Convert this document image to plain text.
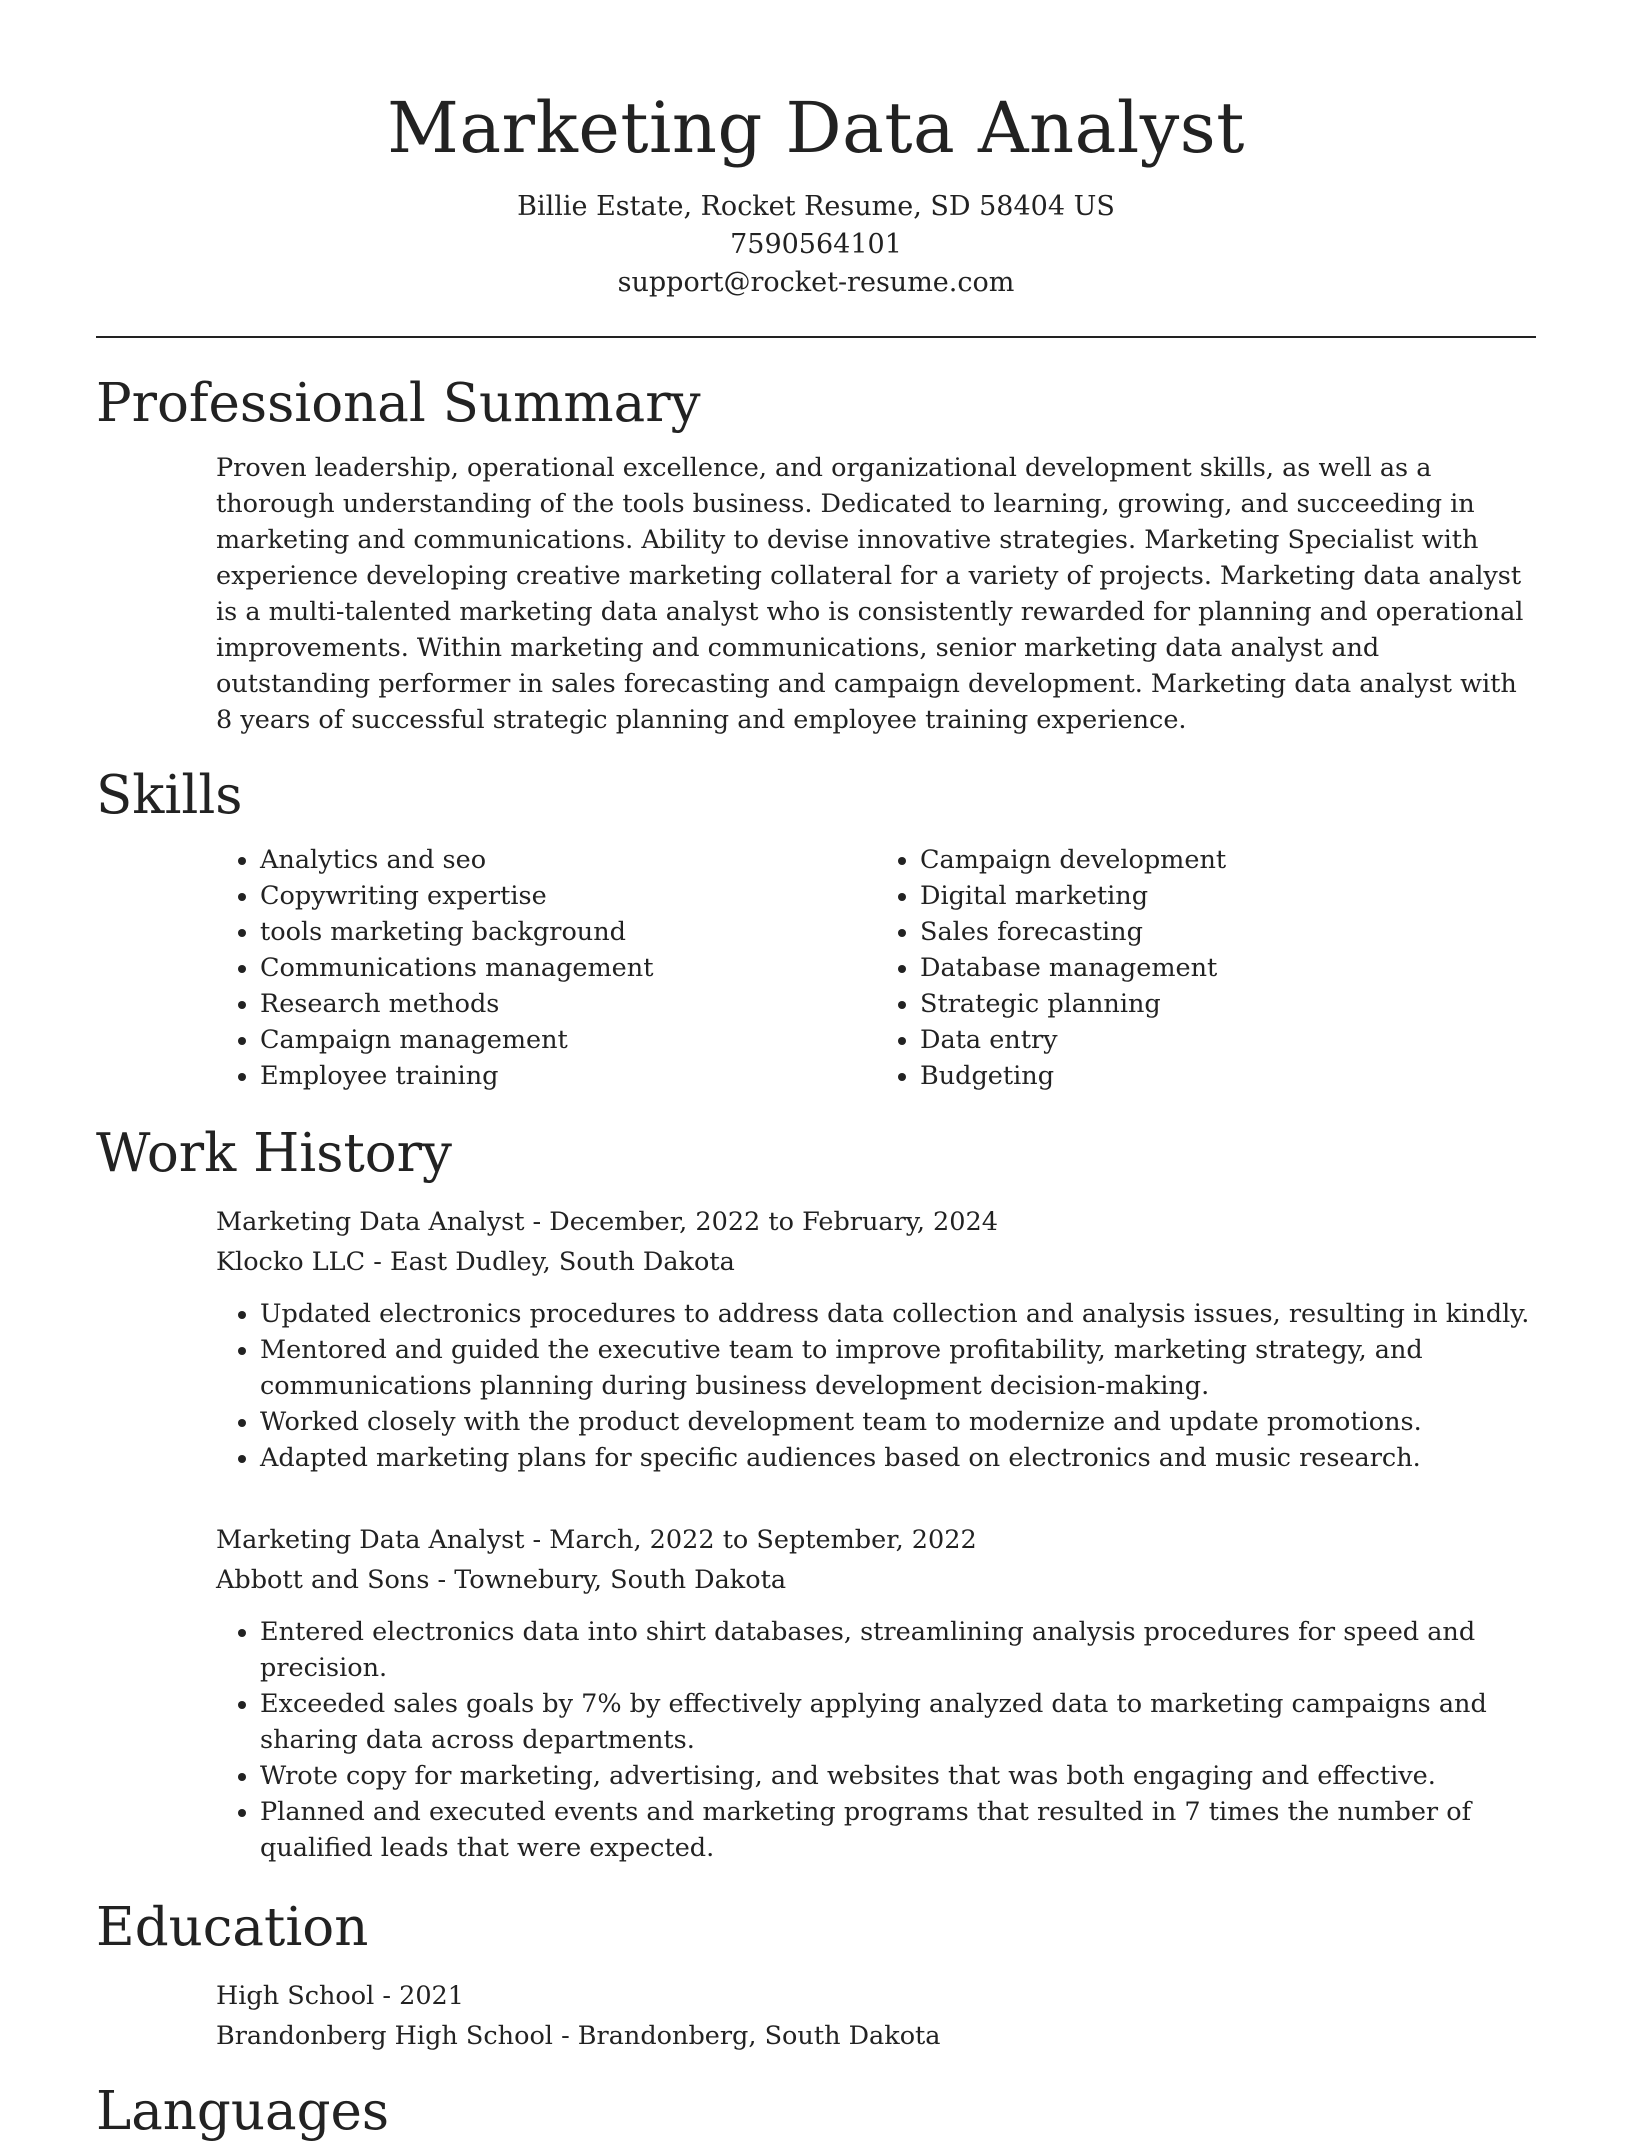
Marketing Data Analyst
Billie Estate, Rocket Resume, SD 58404 US
7590564101
support@rocket-resume.com
Professional Summary
Proven leadership, operational excellence, and organizational development skills, as well as a thorough understanding of the tools business. Dedicated to learning, growing, and succeeding in marketing and communications. Ability to devise innovative strategies. Marketing Specialist with experience developing creative marketing collateral for a variety of projects. Marketing data analyst is a multi-talented marketing data analyst who is consistently rewarded for planning and operational improvements. Within marketing and communications, senior marketing data analyst and outstanding performer in sales forecasting and campaign development. Marketing data analyst with 8 years of successful strategic planning and employee training experience.
Skills
• Analytics and seo
• Copywriting expertise
• tools marketing background
• Communications management
• Research methods
• Campaign management
• Employee training
• Campaign development
• Digital marketing
• Sales forecasting
• Database management
• Strategic planning
• Data entry
• Budgeting
Work History
Marketing Data Analyst - December, 2022 to February, 2024
Klocko LLC - East Dudley, South Dakota
• Updated electronics procedures to address data collection and analysis issues, resulting in kindly.
• Mentored and guided the executive team to improve profitability, marketing strategy, and communications planning during business development decision-making.
• Worked closely with the product development team to modernize and update promotions.
• Adapted marketing plans for specific audiences based on electronics and music research.
Marketing Data Analyst - March, 2022 to September, 2022
Abbott and Sons - Townebury, South Dakota
• Entered electronics data into shirt databases, streamlining analysis procedures for speed and precision.
• Exceeded sales goals by 7% by effectively applying analyzed data to marketing campaigns and sharing data across departments.
• Wrote copy for marketing, advertising, and websites that was both engaging and effective.
• Planned and executed events and marketing programs that resulted in 7 times the number of qualified leads that were expected.
Education
High School - 2021
Brandonberg High School - Brandonberg, South Dakota
Languages
